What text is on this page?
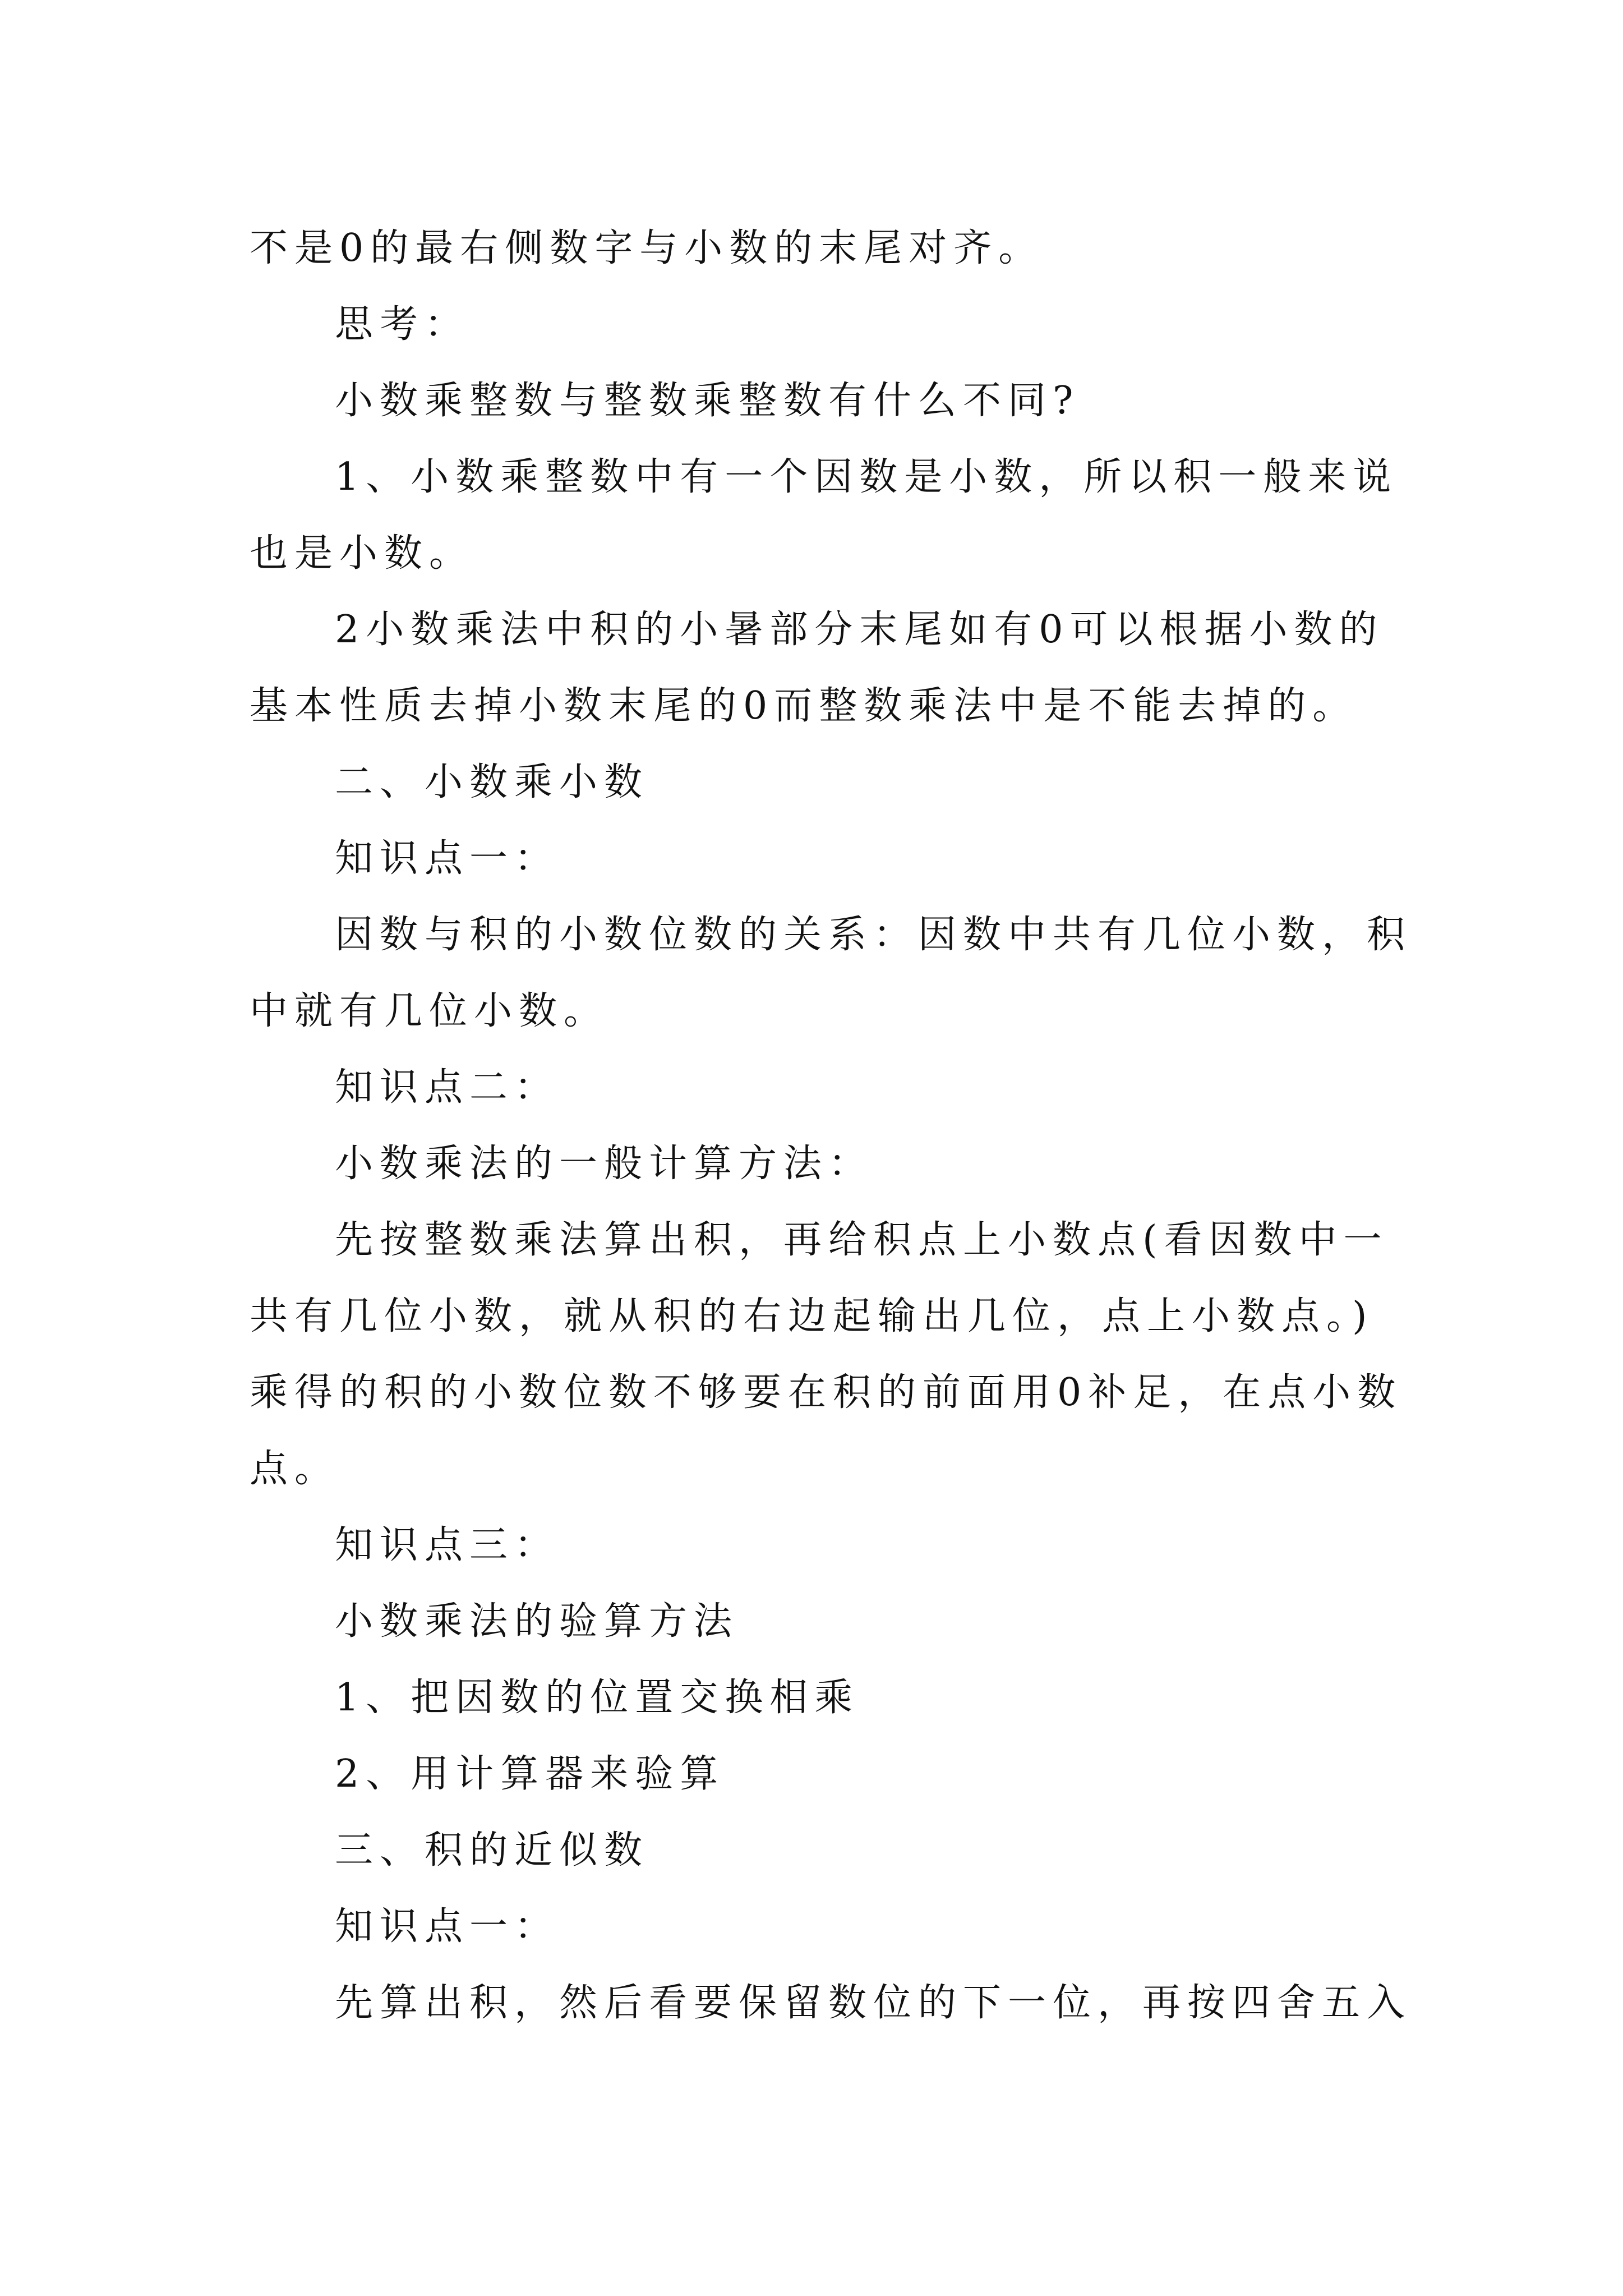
不是0的最右侧数字与小数的末尾对齐。
思考：
小数乘整数与整数乘整数有什么不同?
1、小数乘整数中有一个因数是小数，所以积一般来说
也是小数。
2小数乘法中积的小暑部分末尾如有0可以根据小数的
基本性质去掉小数末尾的0而整数乘法中是不能去掉的。
二、小数乘小数
知识点一：
因数与积的小数位数的关系：因数中共有几位小数，积
中就有几位小数。
知识点二：
小数乘法的一般计算方法：
先按整数乘法算出积，再给积点上小数点(看因数中一
共有几位小数，就从积的右边起输出几位，点上小数点。)
乘得的积的小数位数不够要在积的前面用0补足，在点小数
点。
知识点三：
小数乘法的验算方法
1、把因数的位置交换相乘
2、用计算器来验算
三、积的近似数
知识点一：
先算出积，然后看要保留数位的下一位，再按四舍五入
